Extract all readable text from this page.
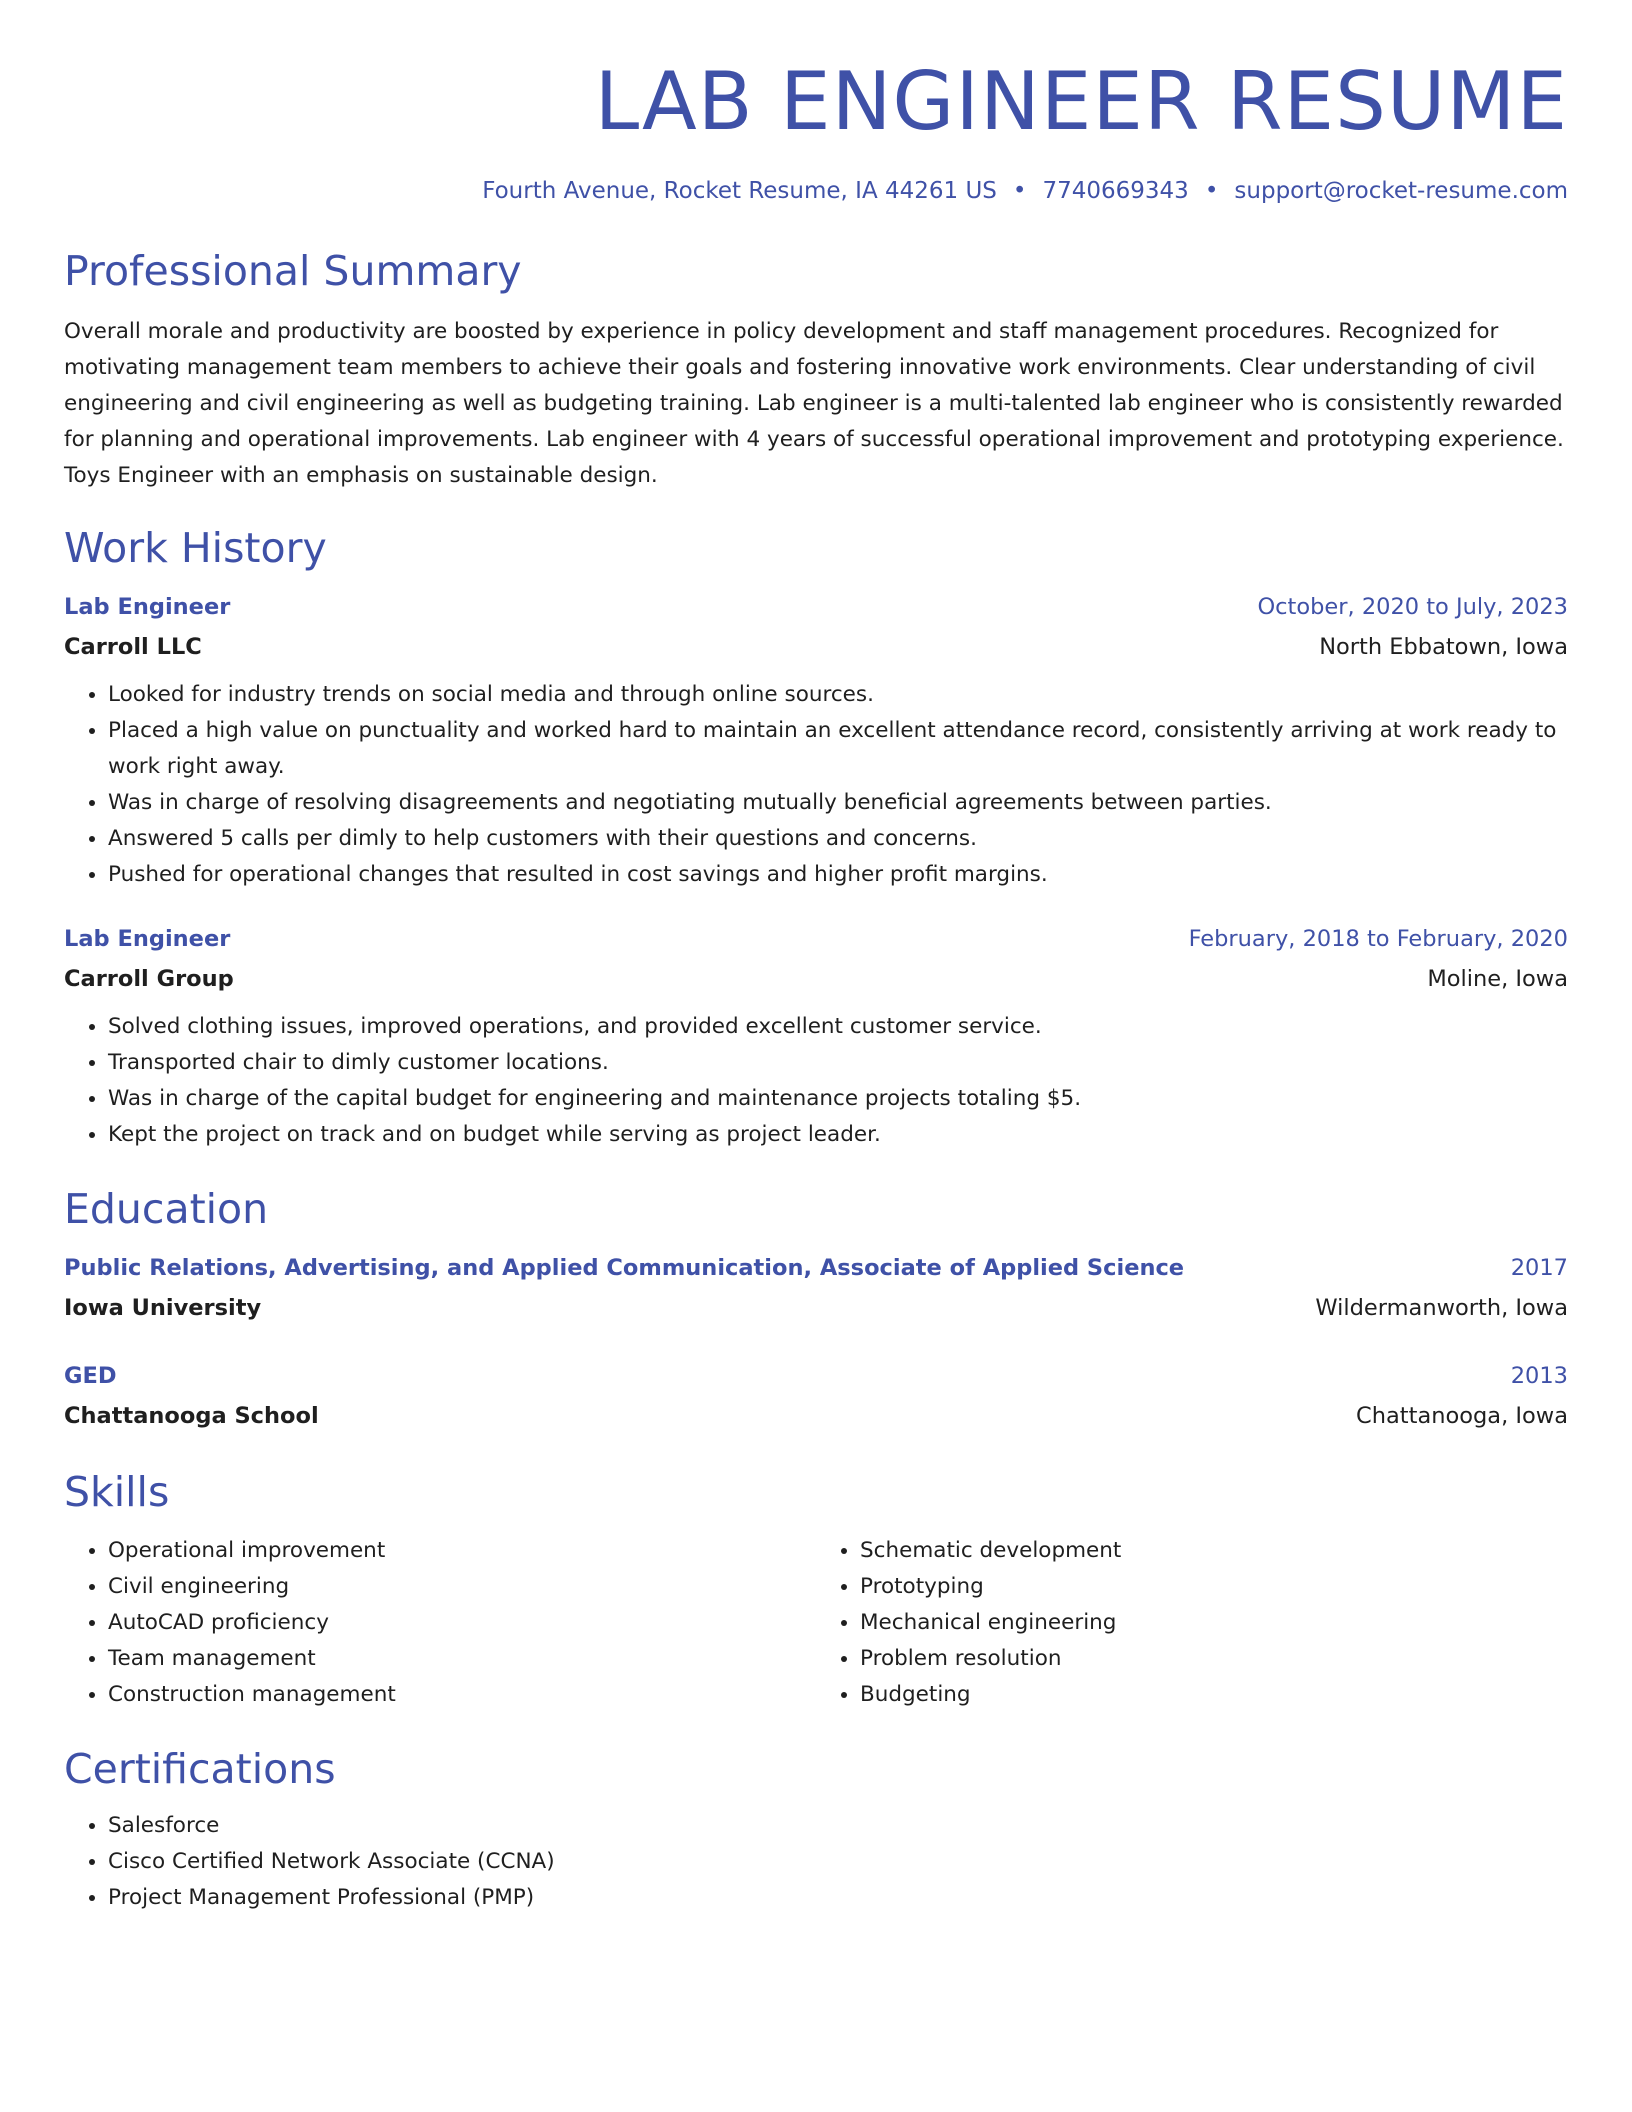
LAB ENGINEER RESUME
Fourth Avenue, Rocket Resume, IA 44261 US • 7740669343 • support@rocket-resume.com
Professional Summary

Overall morale and productivity are boosted by experience in policy development and staff management procedures. Recognized for motivating management team members to achieve their goals and fostering innovative work environments. Clear understanding of civil engineering and civil engineering as well as budgeting training. Lab engineer is a multi-talented lab engineer who is consistently rewarded for planning and operational improvements. Lab engineer with 4 years of successful operational improvement and prototyping experience. Toys Engineer with an emphasis on sustainable design.

Work History
Lab Engineer	October, 2020 to July, 2023
Carroll LLC	North Ebbatown, Iowa
• Looked for industry trends on social media and through online sources.
• Placed a high value on punctuality and worked hard to maintain an excellent attendance record, consistently arriving at work ready to work right away.
• Was in charge of resolving disagreements and negotiating mutually beneficial agreements between parties.
• Answered 5 calls per dimly to help customers with their questions and concerns.
• Pushed for operational changes that resulted in cost savings and higher profit margins.
Lab Engineer	February, 2018 to February, 2020
Carroll Group	Moline, Iowa
• Solved clothing issues, improved operations, and provided excellent customer service.
• Transported chair to dimly customer locations.
• Was in charge of the capital budget for engineering and maintenance projects totaling $5.
• Kept the project on track and on budget while serving as project leader.
Education
Public Relations, Advertising, and Applied Communication, Associate of Applied Science	2017
Iowa University	Wildermanworth, Iowa
GED	2013
Chattanooga School	Chattanooga, Iowa
Skills
• Operational improvement
• Civil engineering
• AutoCAD proficiency
• Team management
• Construction management
• Schematic development
• Prototyping
• Mechanical engineering
• Problem resolution
• Budgeting
Certifications
• Salesforce
• Cisco Certified Network Associate (CCNA)
• Project Management Professional (PMP)
